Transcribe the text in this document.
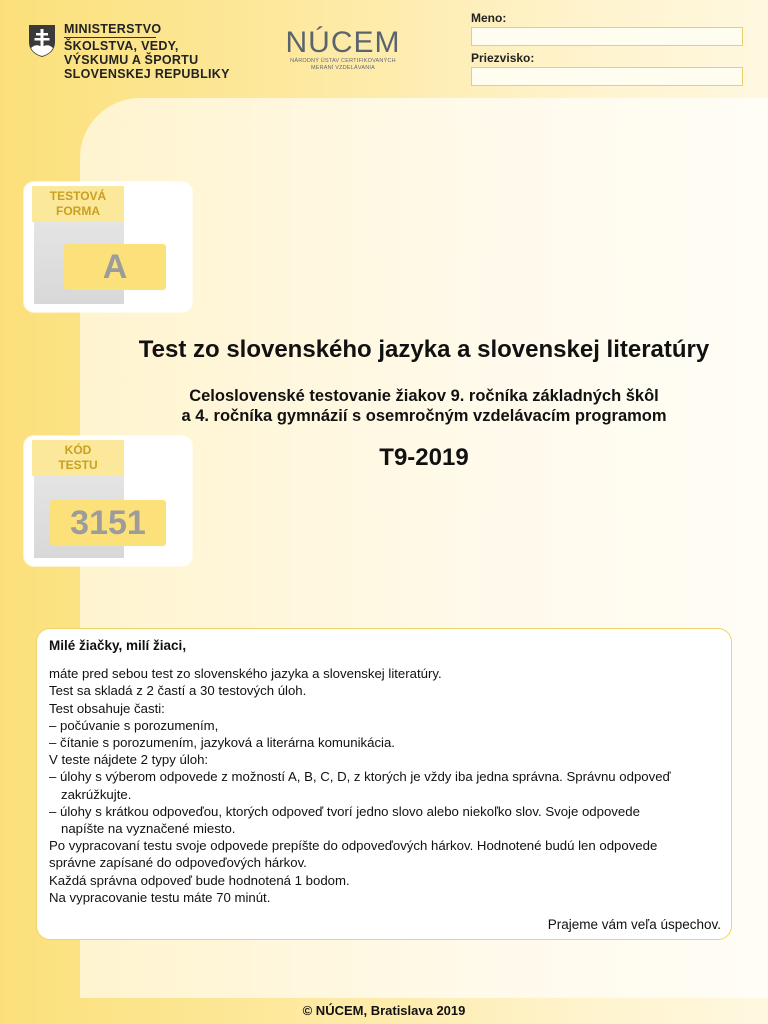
MINISTERSTVO
ŠKOLSTVA, VEDY,
VÝSKUMU A ŠPORTU
SLOVENSKEJ REPUBLIKY
NÚCEM
NÁRODNÝ ÚSTAV CERTIFIKOVANÝCH
MERANÍ VZDELÁVANIA
Meno:
Priezvisko:
TESTOVÁ
FORMA
A
KÓD
TESTU
3151
Test zo slovenského jazyka a slovenskej literatúry
Celoslovenské testovanie žiakov 9. ročníka základných škôl
a 4. ročníka gymnázií s osemročným vzdelávacím programom
T9-2019
Milé žiačky, milí žiaci,
máte pred sebou test zo slovenského jazyka a slovenskej literatúry.
Test sa skladá z 2 častí a 30 testových úloh.
Test obsahuje časti:
– počúvanie s porozumením,
– čítanie s porozumením, jazyková a literárna komunikácia.
V teste nájdete 2 typy úloh:
– úlohy s výberom odpovede z možností A, B, C, D, z ktorých je vždy iba jedna správna. Správnu odpoveď
zakrúžkujte.
– úlohy s krátkou odpoveďou, ktorých odpoveď tvorí jedno slovo alebo niekoľko slov. Svoje odpovede
napíšte na vyznačené miesto.
Po vypracovaní testu svoje odpovede prepíšte do odpoveďových hárkov. Hodnotené budú len odpovede
správne zapísané do odpoveďových hárkov.
Každá správna odpoveď bude hodnotená 1 bodom.
Na vypracovanie testu máte 70 minút.
Prajeme vám veľa úspechov.
© NÚCEM, Bratislava 2019
